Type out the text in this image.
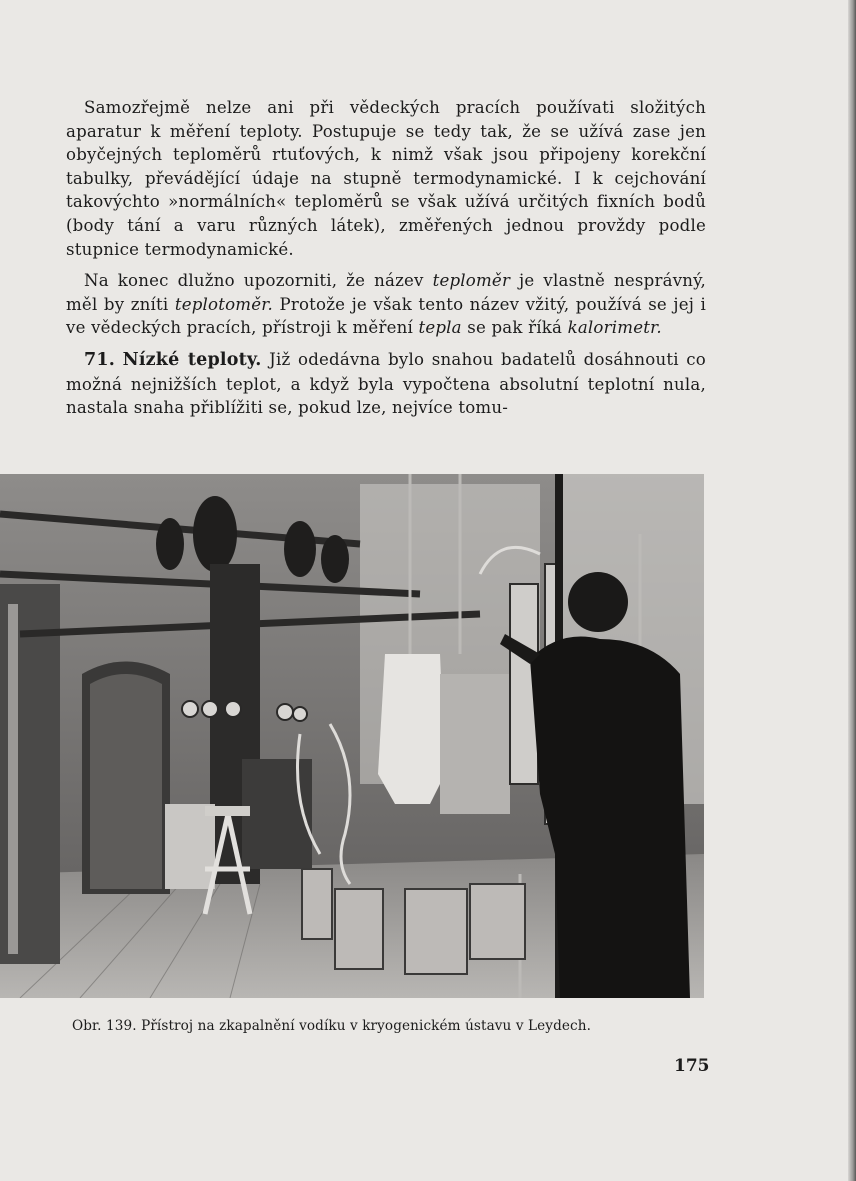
Samozřejmě nelze ani při vědeckých pracích používati složitých aparatur k měření teploty. Postupuje se tedy tak, že se užívá zase jen obyčejných teploměrů rtuťových, k nimž však jsou připojeny korekční tabulky, převádějící údaje na stupně termodynamické. I k cejchování takovýchto »normálních« teploměrů se však užívá určitých fixních bodů (body tání a varu různých látek), změřených jednou provždy podle stupnice termodynamické.

Na konec dlužno upozorniti, že název teploměr je vlastně nesprávný, měl by zníti teplotoměr. Protože je však tento název vžitý, používá se jej i ve vědeckých pracích, přístroji k měření tepla se pak říká kalorimetr.

71. Nízké teploty. Již odedávna bylo snahou badatelů dosáhnouti co možná nejnižších teplot, a když byla vypočtena absolutní teplotní nula, nastala snaha přiblížiti se, pokud lze, nejvíce tomu-

Obr. 139. Přístroj na zkapalnění vodíku v kryogenickém ústavu v Leydech.
175
